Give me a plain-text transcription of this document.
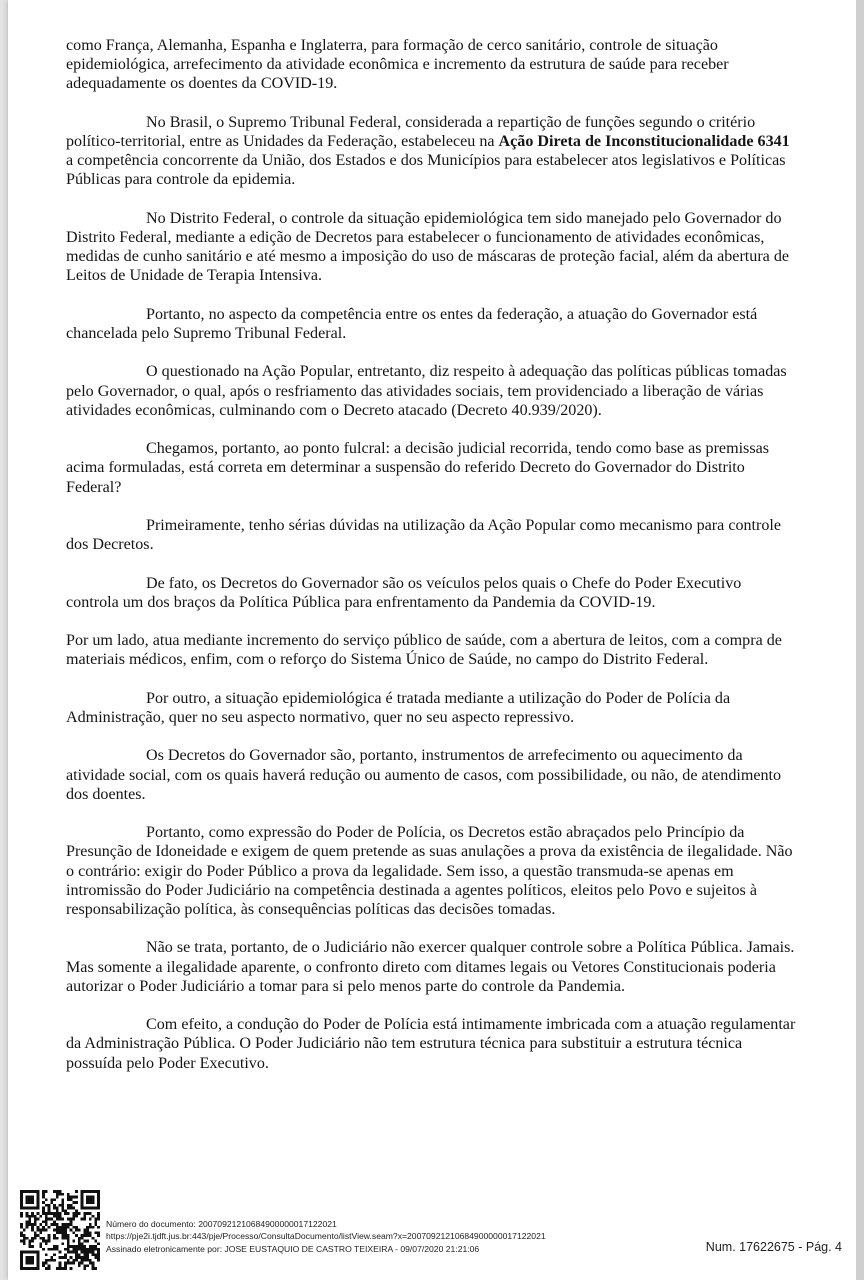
como França, Alemanha, Espanha e Inglaterra, para formação de cerco sanitário, controle de situação epidemiológica, arrefecimento da atividade econômica e incremento da estrutura de saúde para receber adequadamente os doentes da COVID-19.

No Brasil, o Supremo Tribunal Federal, considerada a repartição de funções segundo o critério político-territorial, entre as Unidades da Federação, estabeleceu na Ação Direta de Inconstitucionalidade 6341 a competência concorrente da União, dos Estados e dos Municípios para estabelecer atos legislativos e Políticas Públicas para controle da epidemia.

No Distrito Federal, o controle da situação epidemiológica tem sido manejado pelo Governador do Distrito Federal, mediante a edição de Decretos para estabelecer o funcionamento de atividades econômicas, medidas de cunho sanitário e até mesmo a imposição do uso de máscaras de proteção facial, além da abertura de Leitos de Unidade de Terapia Intensiva.

Portanto, no aspecto da competência entre os entes da federação, a atuação do Governador está chancelada pelo Supremo Tribunal Federal.

O questionado na Ação Popular, entretanto, diz respeito à adequação das políticas públicas tomadas pelo Governador, o qual, após o resfriamento das atividades sociais, tem providenciado a liberação de várias atividades econômicas, culminando com o Decreto atacado (Decreto 40.939/2020).

Chegamos, portanto, ao ponto fulcral: a decisão judicial recorrida, tendo como base as premissas acima formuladas, está correta em determinar a suspensão do referido Decreto do Governador do Distrito Federal?

Primeiramente, tenho sérias dúvidas na utilização da Ação Popular como mecanismo para controle dos Decretos.

De fato, os Decretos do Governador são os veículos pelos quais o Chefe do Poder Executivo controla um dos braços da Política Pública para enfrentamento da Pandemia da COVID-19.

Por um lado, atua mediante incremento do serviço público de saúde, com a abertura de leitos, com a compra de materiais médicos, enfim, com o reforço do Sistema Único de Saúde, no campo do Distrito Federal.

Por outro, a situação epidemiológica é tratada mediante a utilização do Poder de Polícia da Administração, quer no seu aspecto normativo, quer no seu aspecto repressivo.

Os Decretos do Governador são, portanto, instrumentos de arrefecimento ou aquecimento da atividade social, com os quais haverá redução ou aumento de casos, com possibilidade, ou não, de atendimento dos doentes.

Portanto, como expressão do Poder de Polícia, os Decretos estão abraçados pelo Princípio da Presunção de Idoneidade e exigem de quem pretende as suas anulações a prova da existência de ilegalidade. Não o contrário: exigir do Poder Público a prova da legalidade. Sem isso, a questão transmuda-se apenas em intromissão do Poder Judiciário na competência destinada a agentes políticos, eleitos pelo Povo e sujeitos à responsabilização política, às consequências políticas das decisões tomadas.

Não se trata, portanto, de o Judiciário não exercer qualquer controle sobre a Política Pública. Jamais. Mas somente a ilegalidade aparente, o confronto direto com ditames legais ou Vetores Constitucionais poderia autorizar o Poder Judiciário a tomar para si pelo menos parte do controle da Pandemia.

Com efeito, a condução do Poder de Polícia está intimamente imbricada com a atuação regulamentar da Administração Pública. O Poder Judiciário não tem estrutura técnica para substituir a estrutura técnica possuída pelo Poder Executivo.

Número do documento: 20070921210684900000017122021
https://pje2i.tjdft.jus.br:443/pje/Processo/ConsultaDocumento/listView.seam?x=20070921210684900000017122021
Assinado eletronicamente por: JOSE EUSTAQUIO DE CASTRO TEIXEIRA - 09/07/2020 21:21:06	Num. 17622675 - Pág. 4
